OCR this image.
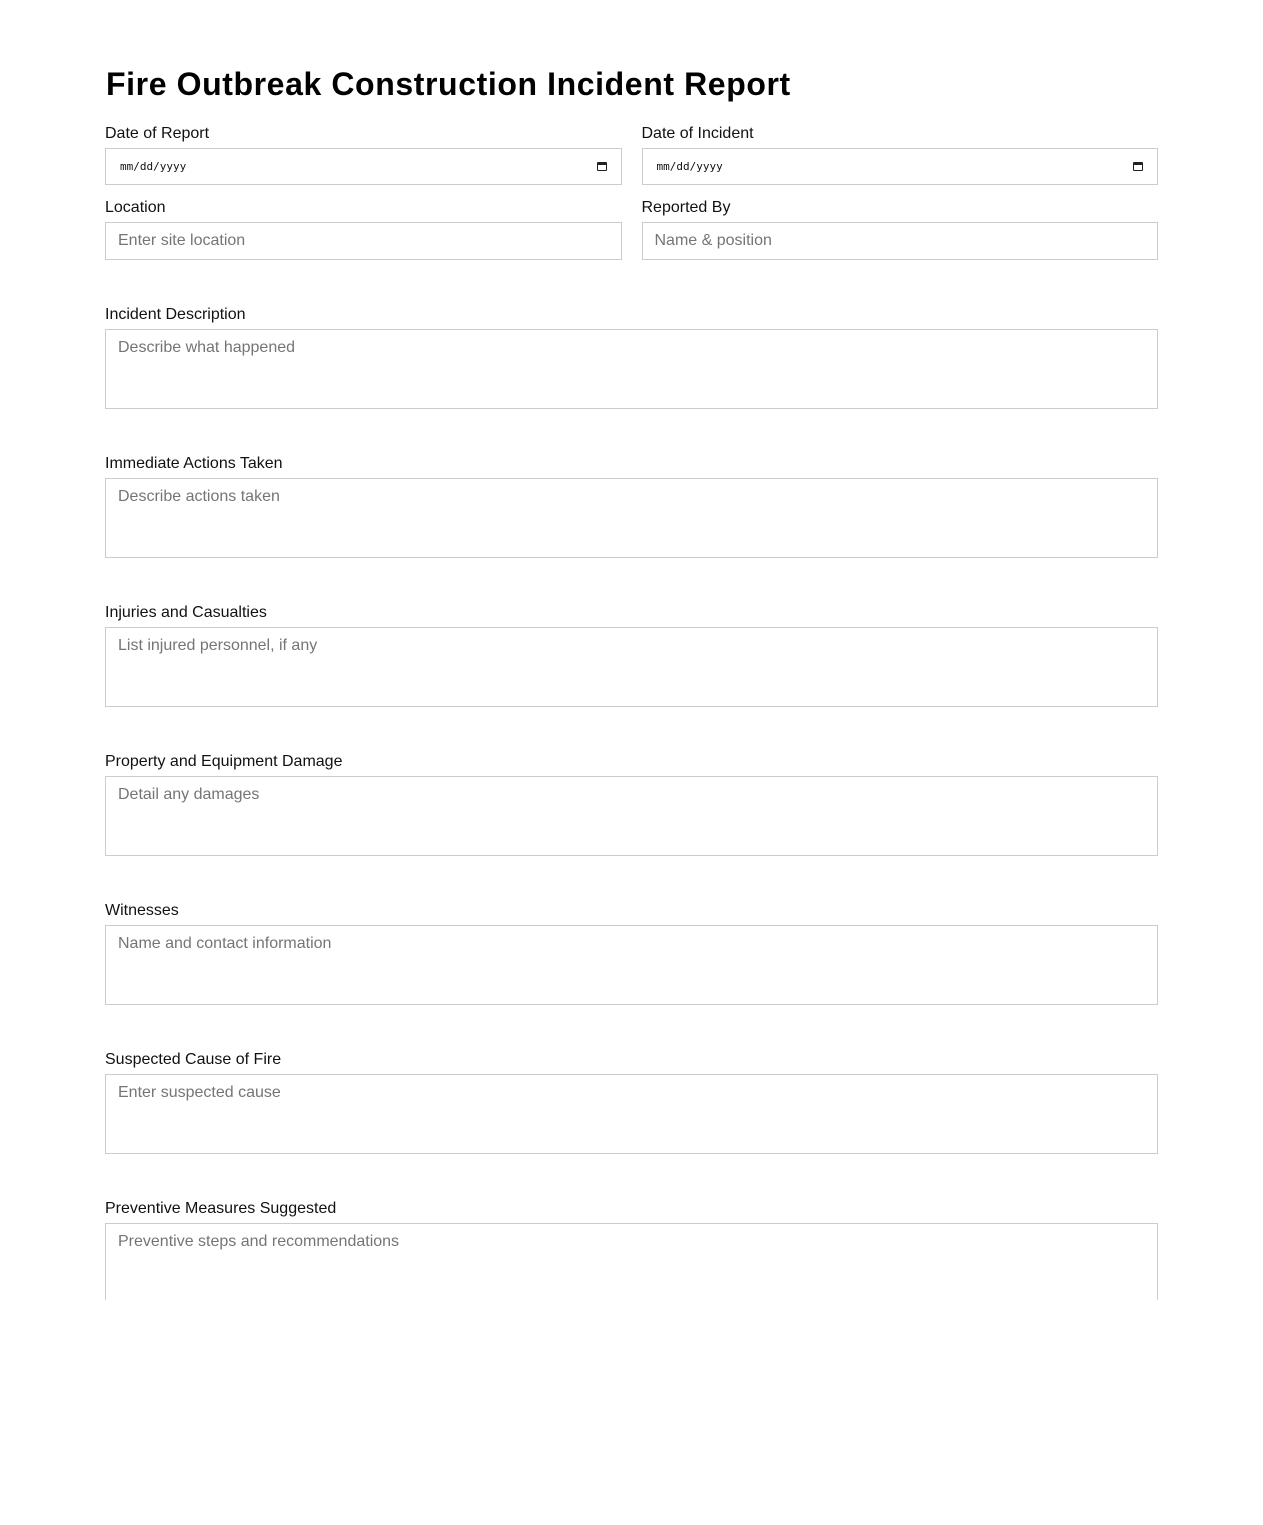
Fire Outbreak Construction Incident Report
Date of Report
mm/dd/yyyy
Date of Incident
mm/dd/yyyy
Location
Enter site location
Reported By
Name & position
Incident Description
Describe what happened
Immediate Actions Taken
Describe actions taken
Injuries and Casualties
List injured personnel, if any
Property and Equipment Damage
Detail any damages
Witnesses
Name and contact information
Suspected Cause of Fire
Enter suspected cause
Preventive Measures Suggested
Preventive steps and recommendations
